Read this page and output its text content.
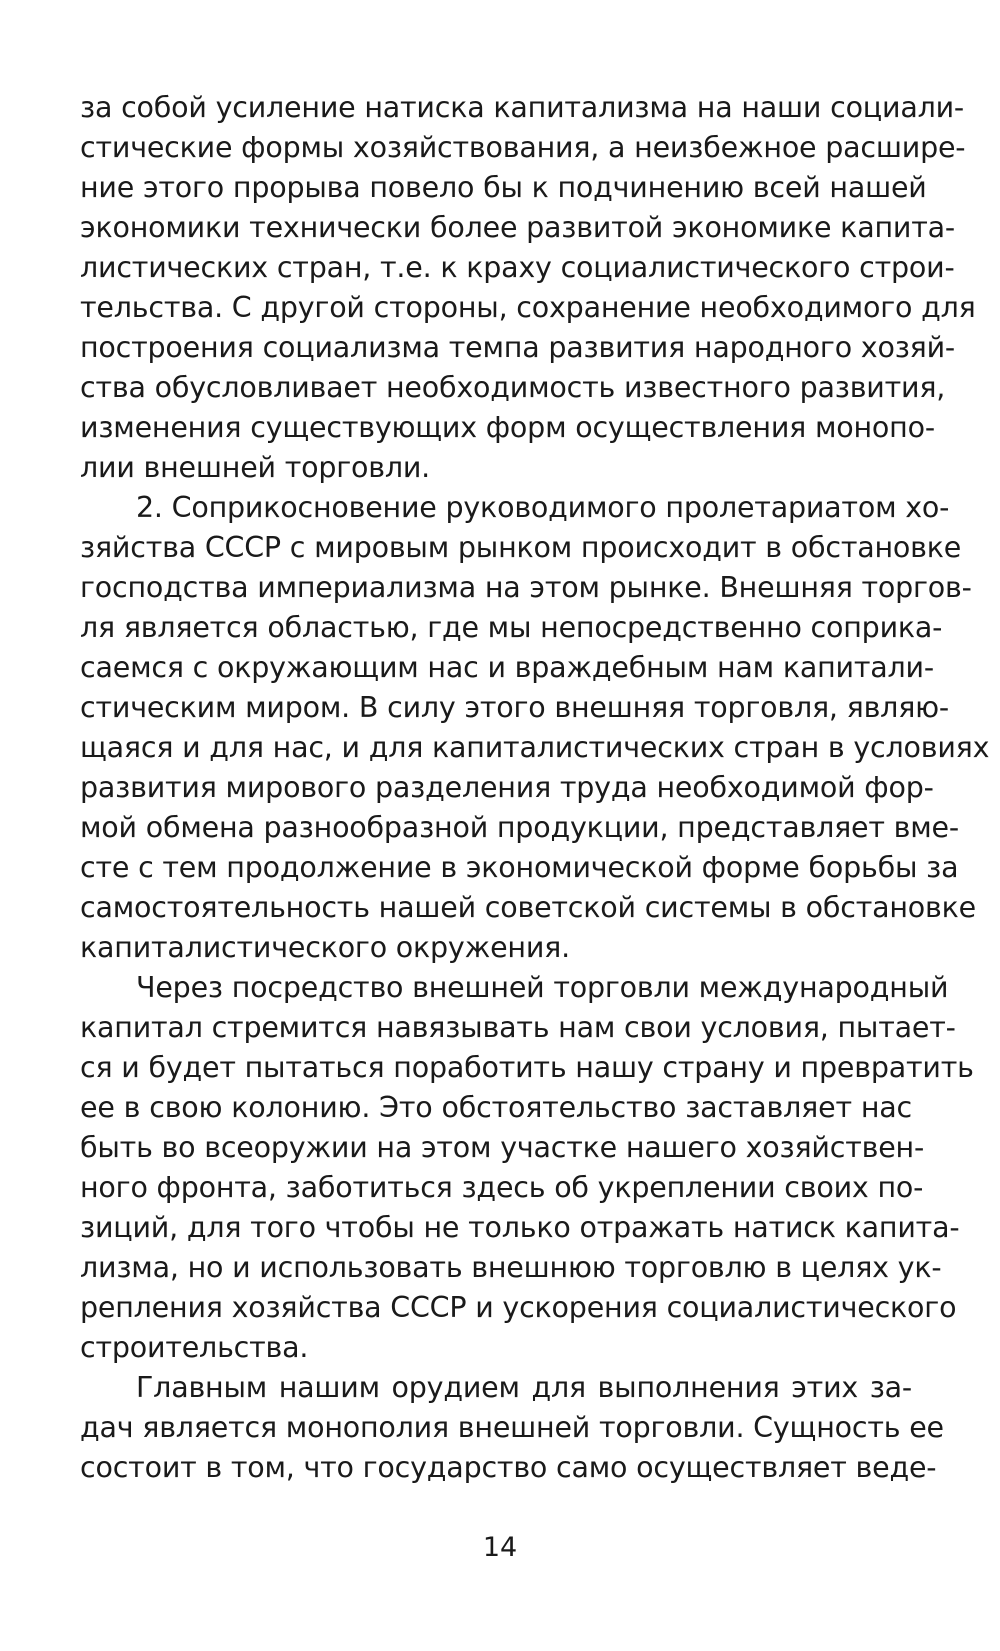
за собой усиление натиска капитализма на наши социали-
стические формы хозяйствования, а неизбежное расшире-
ние этого прорыва повело бы к подчинению всей нашей
экономики технически более развитой экономике капита-
листических стран, т.е. к краху социалистического строи-
тельства. С другой стороны, сохранение необходимого для
построения социализма темпа развития народного хозяй-
ства обусловливает необходимость известного развития,
изменения существующих форм осуществления монопо-
лии внешней торговли.

2. Соприкосновение руководимого пролетариатом хо-
зяйства СССР с мировым рынком происходит в обстановке
господства империализма на этом рынке. Внешняя торгов-
ля является областью, где мы непосредственно соприка-
саемся с окружающим нас и враждебным нам капитали-
стическим миром. В силу этого внешняя торговля, являю-
щаяся и для нас, и для капиталистических стран в условиях
развития мирового разделения труда необходимой фор-
мой обмена разнообразной продукции, представляет вме-
сте с тем продолжение в экономической форме борьбы за
самостоятельность нашей советской системы в обстановке
капиталистического окружения.

Через посредство внешней торговли международный
капитал стремится навязывать нам свои условия, пытает-
ся и будет пытаться поработить нашу страну и превратить
ее в свою колонию. Это обстоятельство заставляет нас
быть во всеоружии на этом участке нашего хозяйствен-
ного фронта, заботиться здесь об укреплении своих по-
зиций, для того чтобы не только отражать натиск капита-
лизма, но и использовать внешнюю торговлю в целях ук-
репления хозяйства СССР и ускорения социалистического
строительства.

Главным нашим орудием для выполнения этих за-
дач является монополия внешней торговли. Сущность ее
состоит в том, что государство само осуществляет веде-

14
